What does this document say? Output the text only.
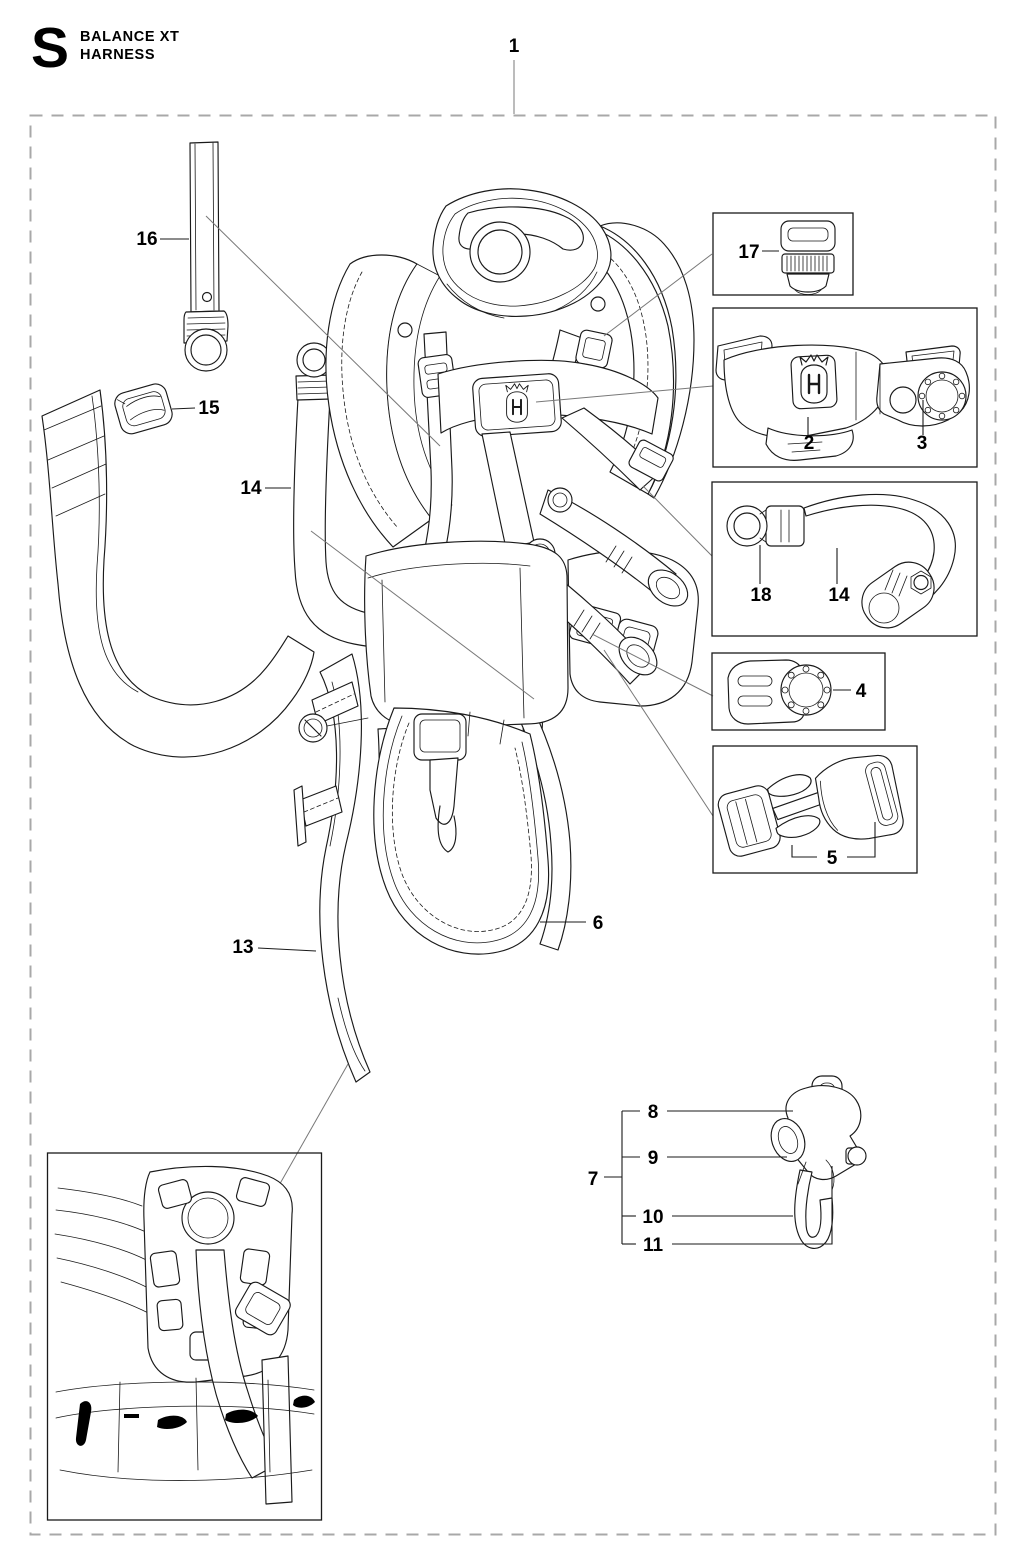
S BALANCE XT
HARNESS	1
17
2	3
18	14
4
5
6
16
15
14
13
7
8
9
10
11
